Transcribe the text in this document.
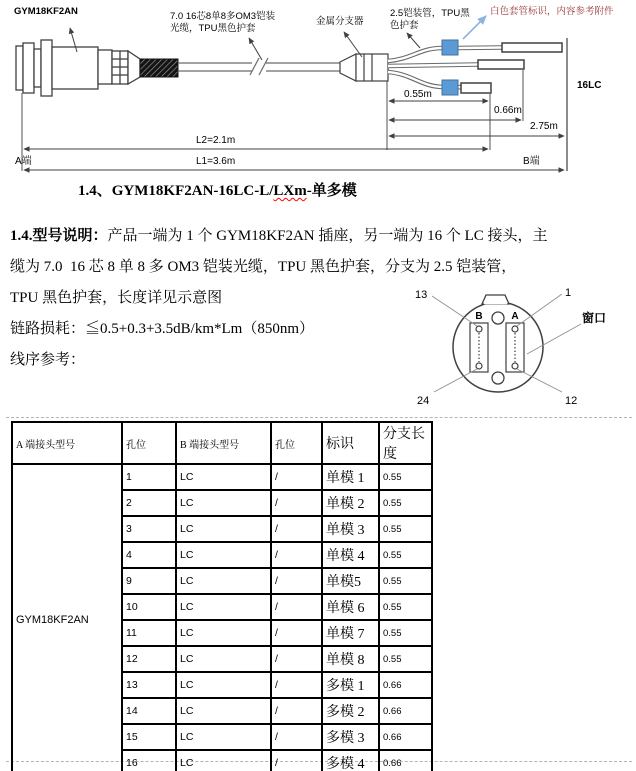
GYM18KF2AN	7.0 16芯8单8多OM3铠装
光缆，TPU黑色护套
金属分支器
2.5铠装管，TPU黑
色护套
白色套管标识，内容参考附件
16LC
0.55m
0.66m
2.75m
L2=2.1m
L1=3.6m
A端	B端
1.4、GYM18KF2AN-16LC-L/LXm-单多模
1.4.型号说明：产品一端为 1 个 GYM18KF2AN 插座，另一端为 16 个 LC 接头，主
缆为 7.0  16 芯 8 单 8 多 OM3 铠装光缆，TPU 黑色护套，分支为 2.5 铠装管，
TPU 黑色护套，长度详见示意图
链路损耗：≦0.5+0.3+3.5dB/km*Lm（850nm）
线序参考：
13	1
24	12
B	A	窗口
A 端接头型号	孔位	B 端接头型号	孔位	标识	分支长度
GYM18KF2AN	1	LC	/	单模 1	0.55
	2	LC	/	单模 2	0.55
	3	LC	/	单模 3	0.55
	4	LC	/	单模 4	0.55
	9	LC	/	单模5	0.55
	10	LC	/	单模 6	0.55
	11	LC	/	单模 7	0.55
	12	LC	/	单模 8	0.55
	13	LC	/	多模 1	0.66
	14	LC	/	多模 2	0.66
	15	LC	/	多模 3	0.66
	16	LC	/	多模 4	0.66
